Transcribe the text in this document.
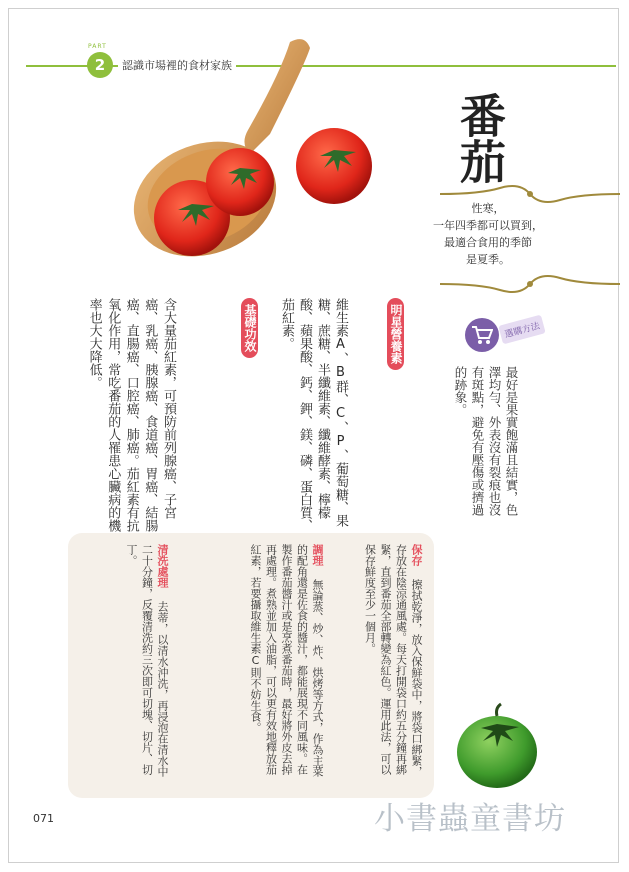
PART
2	認識市場裡的食材家族
番茄
性寒，
一年四季都可以買到，
最適合食用的季節
是夏季。
選購方法
最好是果實飽滿且結實，色澤均勻、外表沒有裂痕也沒有斑點，避免有壓傷或擠過的跡象。
明星營養素
維生素A、B群、C、P、葡萄糖、果糖、蔗糖、半纖維素、纖維酵素、檸檬酸、蘋果酸、鈣、鉀、鎂、磷、蛋白質、茄紅素。
基礎功效
含大量茄紅素，可預防前列腺癌、子宮癌、乳癌、胰腺癌、食道癌、胃癌、結腸癌、直腸癌、口腔癌、肺癌。茄紅素有抗氧化作用，常吃番茄的人罹患心臟病的機率也大大降低。
保存 擦拭乾淨，放入保鮮袋中，將袋口綁緊，存放在陰涼通風處。每天打開袋口約五分鐘再綁緊，直到番茄全部轉變為紅色。運用此法，可以保存鮮度至少一個月。
調理 無論蒸、炒、炸、烘烤等方式，作為主菜的配角還是佐食的醬汁，都能展現不同風味。在製作番茄醬汁或是烹煮番茄時，最好將外皮去掉再處理。煮熟並加入油脂，可以更有效地釋放茄紅素，若要攝取維生素C則不妨生食。
清洗處理 去蒂，以清水沖洗，再浸泡在清水中二十分鐘，反覆清洗約三次即可切塊、切片、切丁。
071	小書蟲童書坊
